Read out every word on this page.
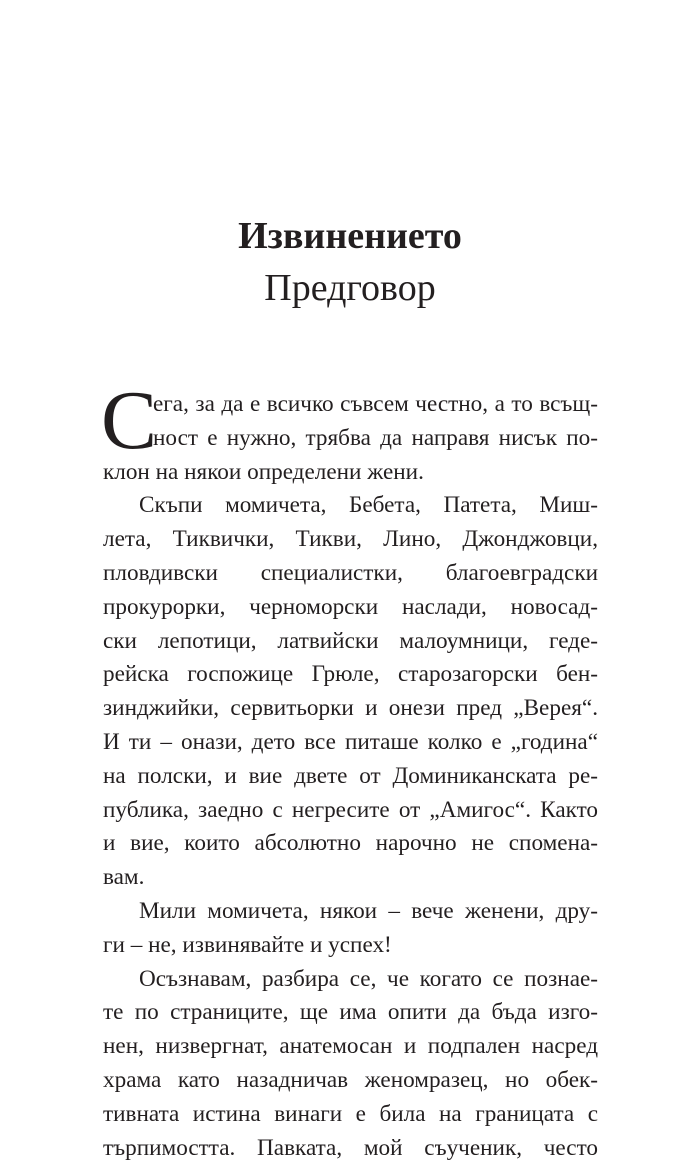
Извинението
Предговор
С
ега, за да е всичко съвсем честно, а то всъщ-
ност е нужно, трябва да направя нисък по-
клон на някои определени жени.
Скъпи момичета, Бебета, Патета, Миш-
лета, Тиквички, Тикви, Лино, Джонджовци,
пловдивски специалистки, благоевградски
прокурорки, черноморски наслади, новосад-
ски лепотици, латвийски малоумници, геде-
рейска госпожице Грюле, старозагорски бен-
зинджийки, сервитьорки и онези пред „Верея“.
И ти – онази, дето все питаше колко е „година“
на полски, и вие двете от Доминиканската ре-
публика, заедно с негресите от „Амигос“. Както
и вие, които абсолютно нарочно не споменa-
вам.
Мили момичета, някои – вече женени, дру-
ги – не, извинявайте и успех!
Осъзнавам, разбира се, че когато се познае-
те по страниците, ще има опити да бъда изго-
нен, низвергнат, анатемосан и подпален насред
храма като назадничав женомразец, но обек-
тивната истина винаги е била на границата с
търпимостта. Павката, мой съученик, често
